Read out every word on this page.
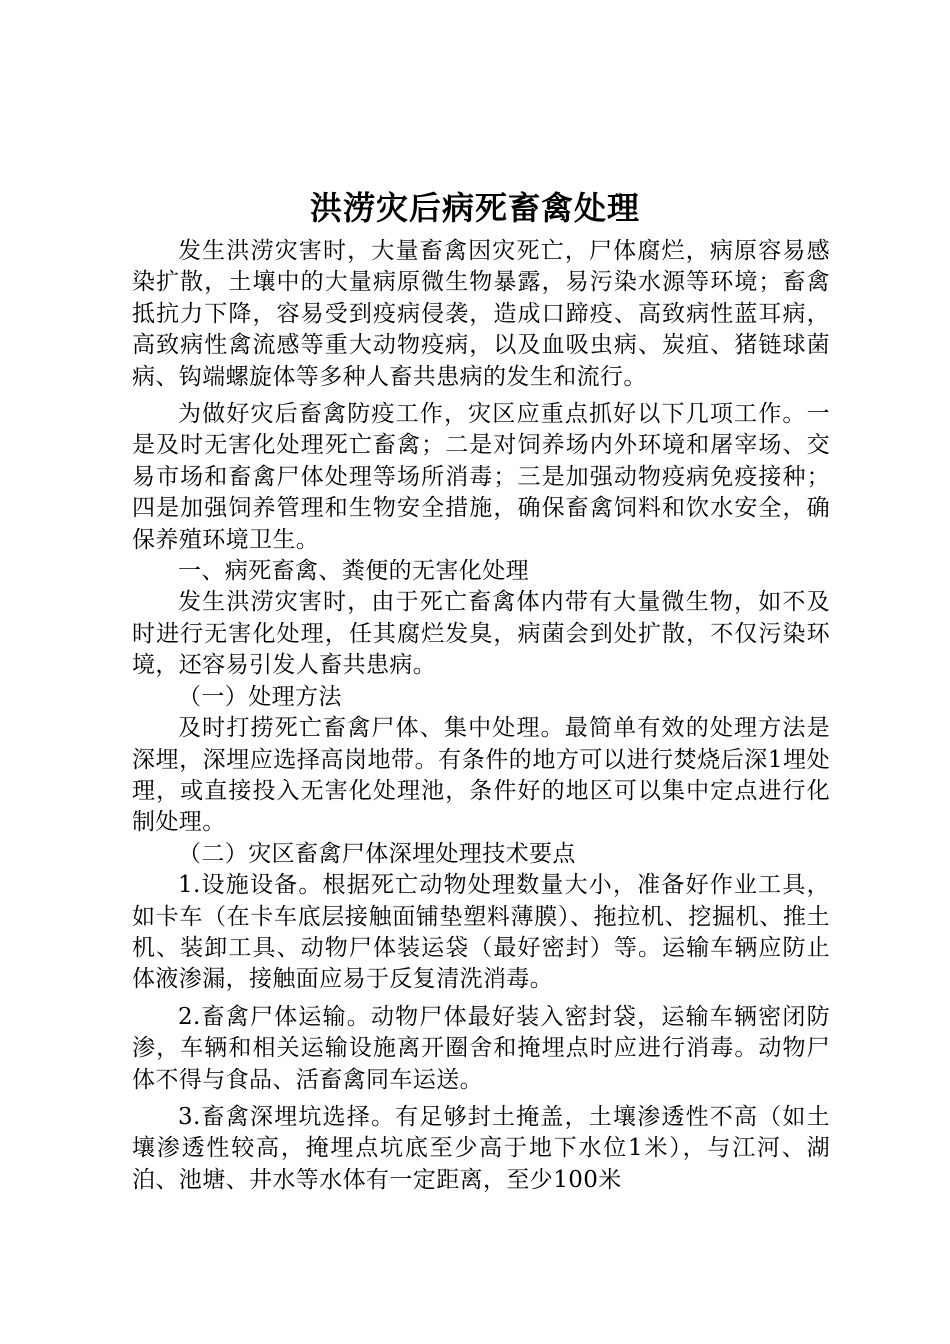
洪涝灾后病死畜禽处理

发生洪涝灾害时，大量畜禽因灾死亡，尸体腐烂，病原容易感染扩散，土壤中的大量病原微生物暴露，易污染水源等环境；畜禽抵抗力下降，容易受到疫病侵袭，造成口蹄疫、高致病性蓝耳病，高致病性禽流感等重大动物疫病，以及血吸虫病、炭疽、猪链球菌病、钩端螺旋体等多种人畜共患病的发生和流行。

为做好灾后畜禽防疫工作，灾区应重点抓好以下几项工作。一是及时无害化处理死亡畜禽；二是对饲养场内外环境和屠宰场、交易市场和畜禽尸体处理等场所消毒；三是加强动物疫病免疫接种；四是加强饲养管理和生物安全措施，确保畜禽饲料和饮水安全，确保养殖环境卫生。

一、病死畜禽、粪便的无害化处理

发生洪涝灾害时，由于死亡畜禽体内带有大量微生物，如不及时进行无害化处理，任其腐烂发臭，病菌会到处扩散，不仅污染环境，还容易引发人畜共患病。

（一）处理方法

及时打捞死亡畜禽尸体、集中处理。最简单有效的处理方法是深埋，深埋应选择高岗地带。有条件的地方可以进行焚烧后深1埋处理，或直接投入无害化处理池，条件好的地区可以集中定点进行化制处理。

（二）灾区畜禽尸体深埋处理技术要点

1.设施设备。根据死亡动物处理数量大小，准备好作业工具，如卡车（在卡车底层接触面铺垫塑料薄膜）、拖拉机、挖掘机、推土机、装卸工具、动物尸体装运袋（最好密封）等。运输车辆应防止体液渗漏，接触面应易于反复清洗消毒。

2.畜禽尸体运输。动物尸体最好装入密封袋，运输车辆密闭防渗，车辆和相关运输设施离开圈舍和掩埋点时应进行消毒。动物尸体不得与食品、活畜禽同车运送。

3.畜禽深埋坑选择。有足够封土掩盖，土壤渗透性不高（如土壤渗透性较高，掩埋点坑底至少高于地下水位1米），与江河、湖泊、池塘、井水等水体有一定距离，至少100米
